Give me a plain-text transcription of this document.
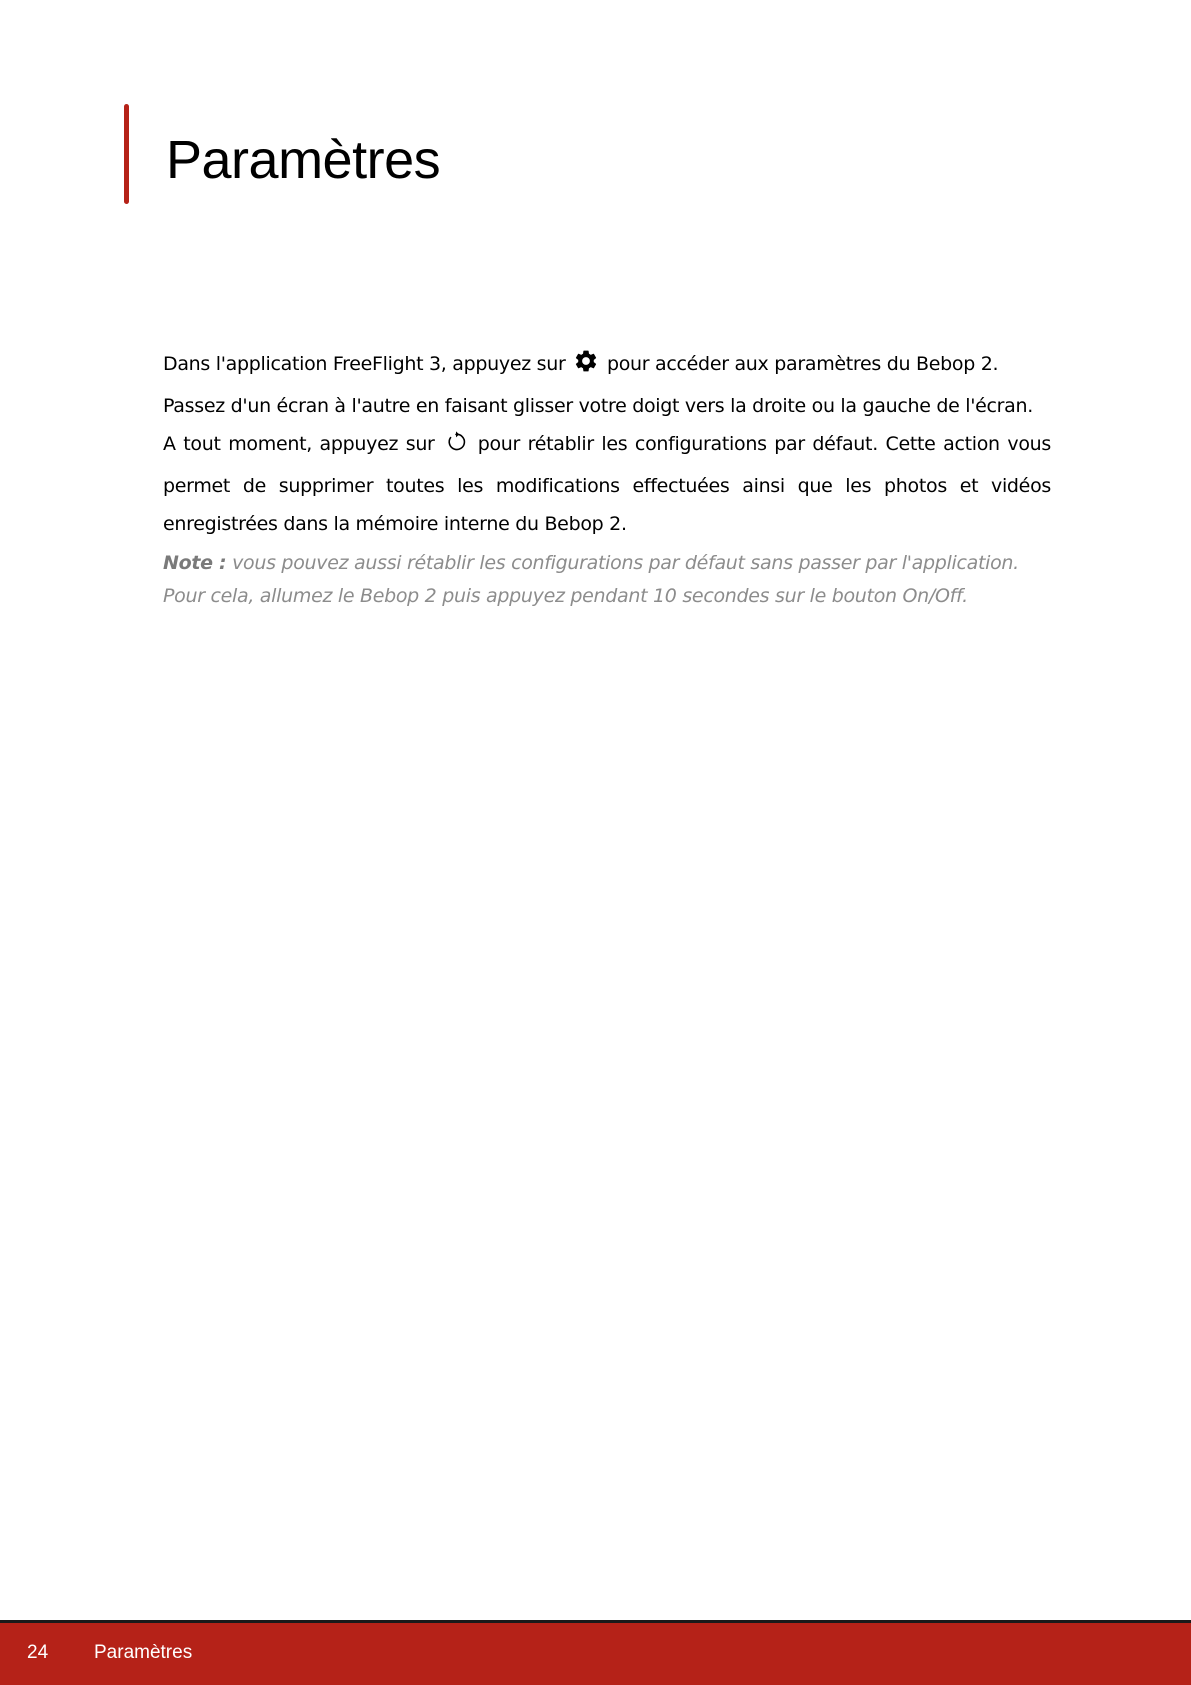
Paramètres

Dans l'application FreeFlight 3, appuyez sur  pour accéder aux paramètres du Bebop 2.

Passez d'un écran à l'autre en faisant glisser votre doigt vers la droite ou la gauche de l'écran.

A tout moment, appuyez sur  pour rétablir les configurations par défaut. Cette action vous permet de supprimer toutes les modifications effectuées ainsi que les photos et vidéos enregistrées dans la mémoire interne du Bebop 2.

Note : vous pouvez aussi rétablir les configurations par défaut sans passer par l'application. Pour cela, allumez le Bebop 2 puis appuyez pendant 10 secondes sur le bouton On/Off.

24 Paramètres
